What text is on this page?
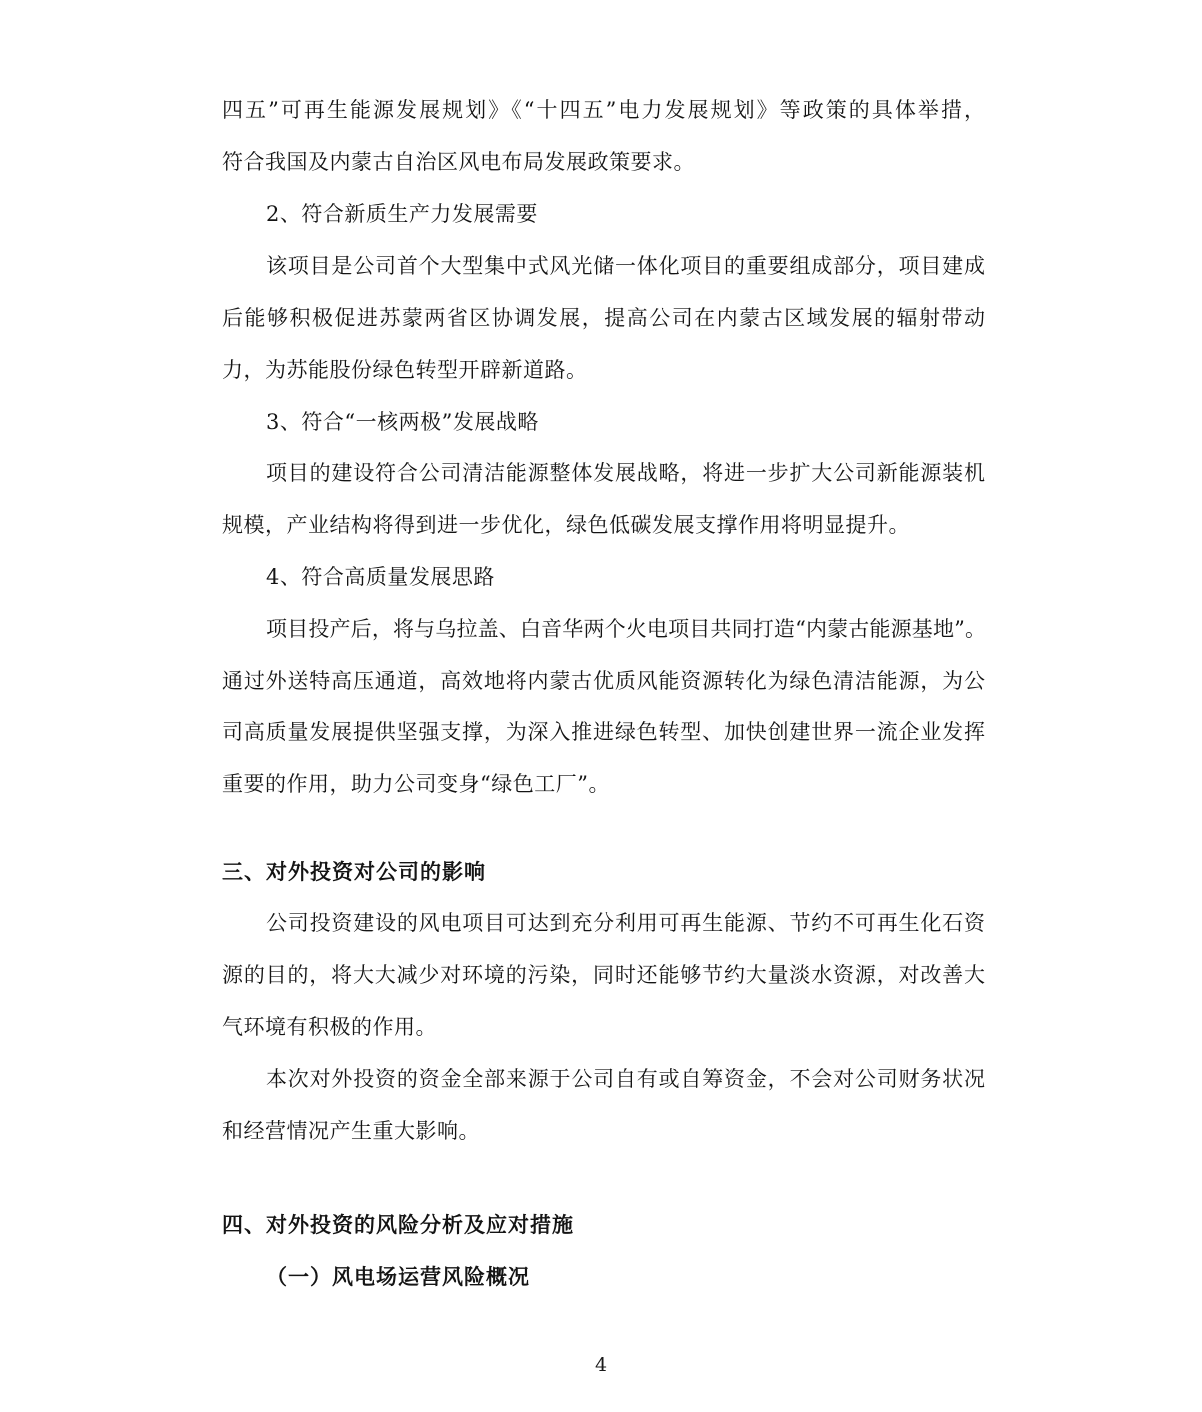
四五”可再生能源发展规划》《“十四五”电力发展规划》等政策的具体举措，
符合我国及内蒙古自治区风电布局发展政策要求。
2、符合新质生产力发展需要
该项目是公司首个大型集中式风光储一体化项目的重要组成部分，项目建成
后能够积极促进苏蒙两省区协调发展，提高公司在内蒙古区域发展的辐射带动
力，为苏能股份绿色转型开辟新道路。
3、符合“一核两极”发展战略
项目的建设符合公司清洁能源整体发展战略，将进一步扩大公司新能源装机
规模，产业结构将得到进一步优化，绿色低碳发展支撑作用将明显提升。
4、符合高质量发展思路
项目投产后，将与乌拉盖、白音华两个火电项目共同打造“内蒙古能源基地”。
通过外送特高压通道，高效地将内蒙古优质风能资源转化为绿色清洁能源，为公
司高质量发展提供坚强支撑，为深入推进绿色转型、加快创建世界一流企业发挥
重要的作用，助力公司变身“绿色工厂”。
三、对外投资对公司的影响
公司投资建设的风电项目可达到充分利用可再生能源、节约不可再生化石资
源的目的，将大大减少对环境的污染，同时还能够节约大量淡水资源，对改善大
气环境有积极的作用。
本次对外投资的资金全部来源于公司自有或自筹资金，不会对公司财务状况
和经营情况产生重大影响。
四、对外投资的风险分析及应对措施
（一）风电场运营风险概况
4
